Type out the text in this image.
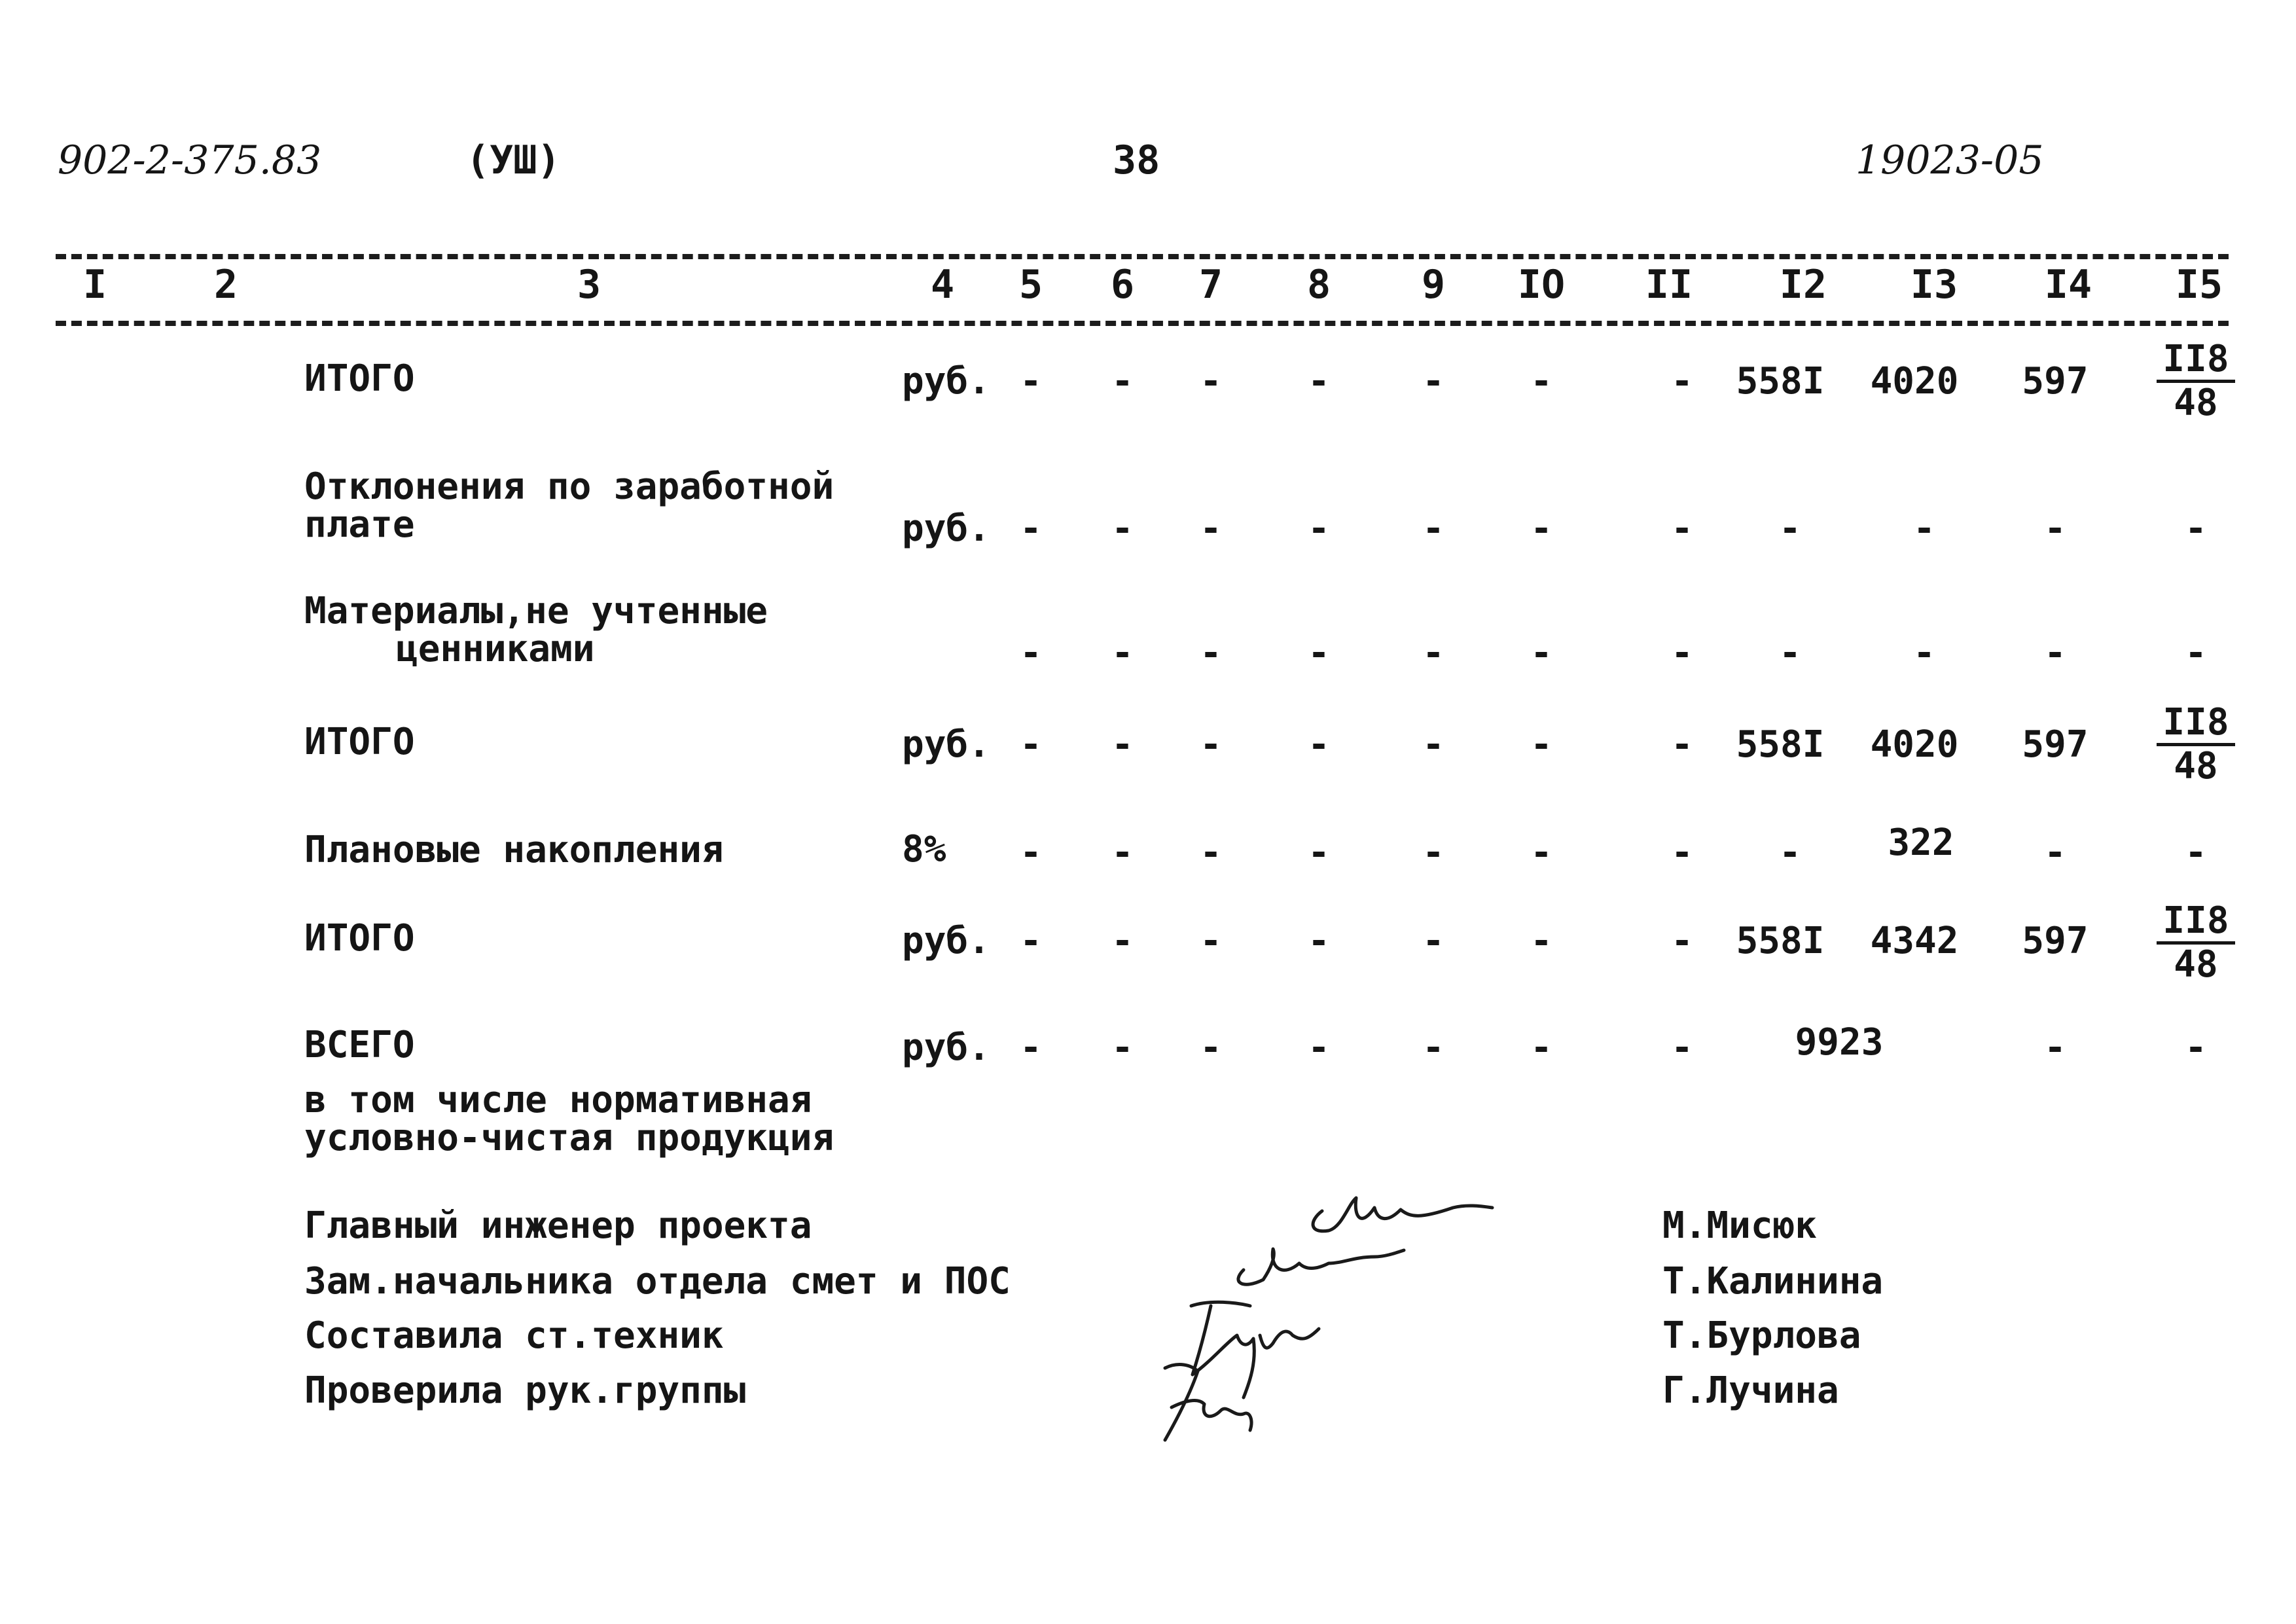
902-2-375.83	(УШ)	38	19023-05
I	2	3	4	5	6	7	8	9	IO	II	I2	I3	I4	I5
ИТОГО	руб. -	-	-	-	-	-	-	558I 4020	597	$\frac{II8}{48}$
Отклонения по заработной
плате	руб. -	-	-	-	-	-	-	-	-	-	-
Материалы,не учтенные
ценниками	-	-	-	-	-	-	-	-	-	-	-
ИТОГО	руб. -	-	-	-	-	-	-	558I 4020	597	$\frac{II8}{48}$
Плановые накопления	8%	-	-	-	-	-	-	-	-	322	-	-
ИТОГО	руб. -	-	-	-	-	-	-	558I 4342	597	$\frac{II8}{48}$
ВСЕГО	руб. -	-	-	-	-	-	-	9923	-	-
в том числе нормативная
условно-чистая продукция
Главный инженер проекта
Зам.начальника отдела смет и ПОС
Составила ст.техник
Проверила рук.группы
М.Мисюк
Т.Калинина
Т.Бурлова
Г.Лучина
